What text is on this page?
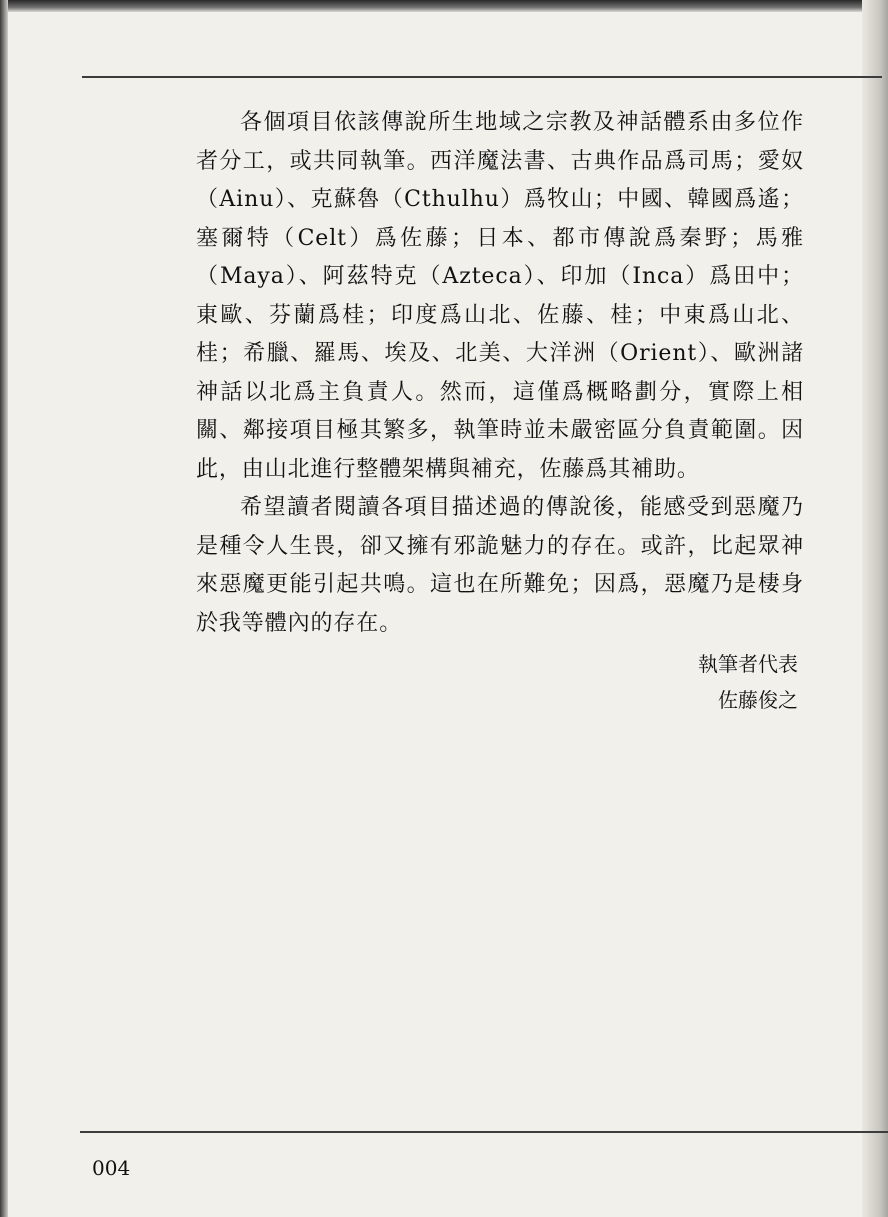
各個項目依該傳說所生地域之宗教及神話體系由多位作者分工，或共同執筆。西洋魔法書、古典作品爲司馬；愛奴（Ainu）、克蘇魯（Cthulhu）爲牧山；中國、韓國爲遙；塞爾特（Celt）爲佐藤；日本、都市傳說爲秦野；馬雅（Maya）、阿茲特克（Azteca）、印加（Inca）爲田中；東歐、芬蘭爲桂；印度爲山北、佐藤、桂；中東爲山北、桂；希臘、羅馬、埃及、北美、大洋洲（Orient）、歐洲諸神話以北爲主負責人。然而，這僅爲概略劃分，實際上相關、鄰接項目極其繁多，執筆時並未嚴密區分負責範圍。因此，由山北進行整體架構與補充，佐藤爲其補助。

希望讀者閱讀各項目描述過的傳說後，能感受到惡魔乃是種令人生畏，卻又擁有邪詭魅力的存在。或許，比起眾神來惡魔更能引起共鳴。這也在所難免；因爲，惡魔乃是棲身於我等體內的存在。

執筆者代表
佐藤俊之
004
